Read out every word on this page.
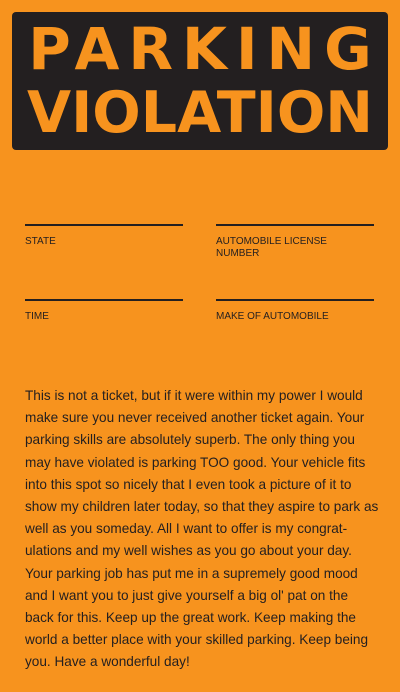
PARKING
VIOLATION
STATE	AUTOMOBILE LICENSE NUMBER
TIME	MAKE OF AUTOMOBILE
This is not a ticket, but if it were within my power I would make sure you never received another ticket again. Your parking skills are absolutely superb. The only thing you may have violated is parking TOO good. Your vehicle fits into this spot so nicely that I even took a picture of it to show my children later today, so that they aspire to park as well as you someday. All I want to offer is my congrat-ulations and my well wishes as you go about your day. Your parking job has put me in a supremely good mood and I want you to just give yourself a big ol' pat on the back for this. Keep up the great work. Keep making the world a better place with your skilled parking. Keep being you. Have a wonderful day!
